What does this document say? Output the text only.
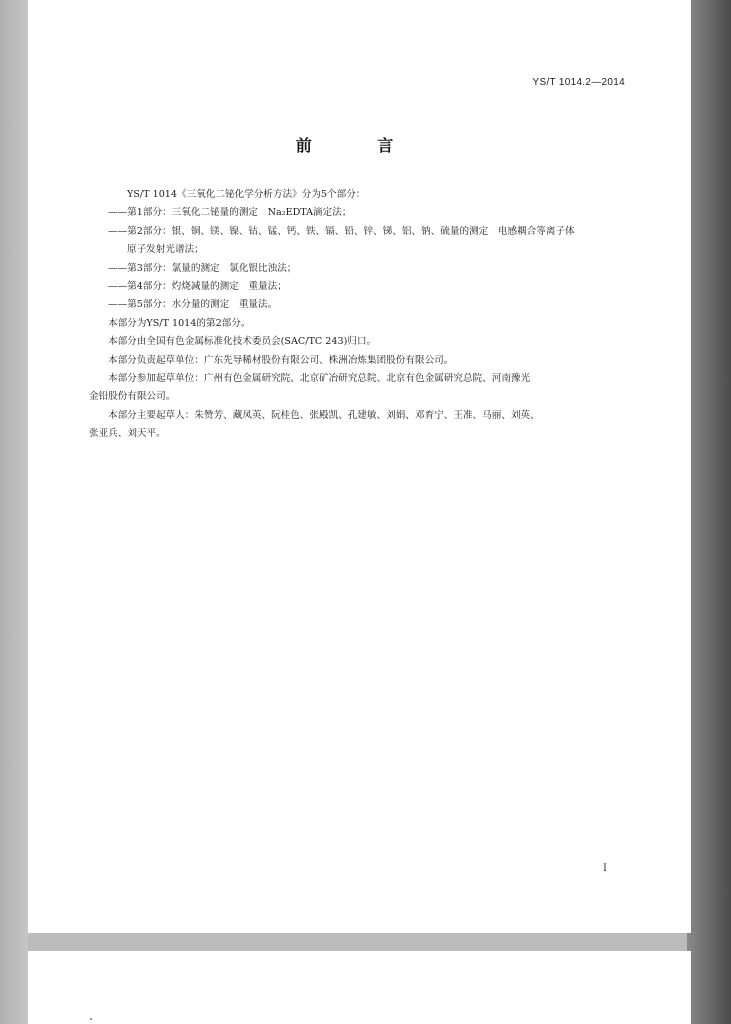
YS/T 1014.2—2014
前 言
YS/T 1014《三氧化二铋化学分析方法》分为5个部分：
——第1部分：三氧化二铋量的测定　Na₂EDTA滴定法；
——第2部分：银、铜、镁、镍、钴、锰、钙、铁、镉、铅、锌、锑、铝、钠、硫量的测定　电感耦合等离子体
原子发射光谱法；
——第3部分：氯量的测定　氯化银比浊法；
——第4部分：灼烧减量的测定　重量法；
——第5部分：水分量的测定　重量法。
本部分为YS/T 1014的第2部分。
本部分由全国有色金属标准化技术委员会(SAC/TC 243)归口。
本部分负责起草单位：广东先导稀材股份有限公司、株洲冶炼集团股份有限公司。
本部分参加起草单位：广州有色金属研究院、北京矿冶研究总院、北京有色金属研究总院、河南豫光
金铅股份有限公司。
本部分主要起草人：朱赞芳、藏凤英、阮桂色、张殿凯、孔建敏、刘娟、邓育宁、王准、马丽、刘英、
张亚兵、刘天平。
I
